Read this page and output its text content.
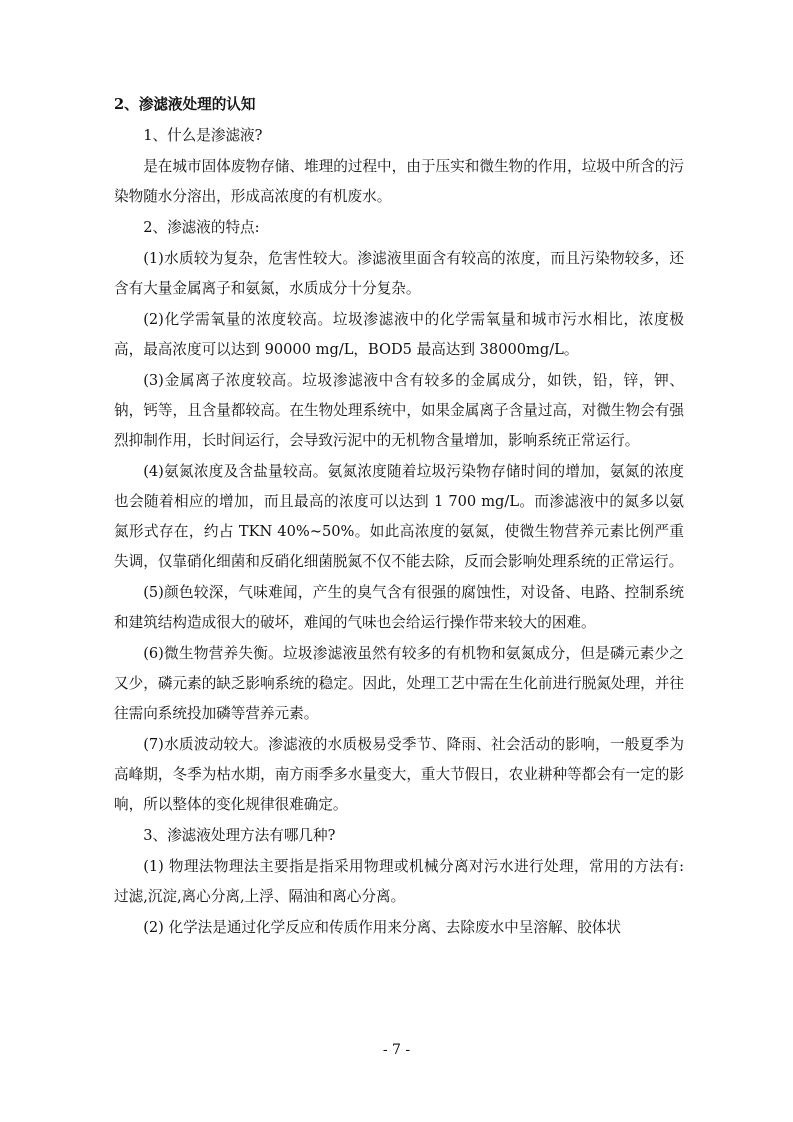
2、渗滤液处理的认知

1、什么是渗滤液?

是在城市固体废物存储、堆理的过程中，由于压实和微生物的作用，垃圾中所含的污染物随水分溶出，形成高浓度的有机废水。

2、渗滤液的特点:

(1)水质较为复杂，危害性较大。渗滤液里面含有较高的浓度，而且污染物较多，还含有大量金属离子和氨氮，水质成分十分复杂。

(2)化学需氧量的浓度较高。垃圾渗滤液中的化学需氧量和城市污水相比，浓度极高，最高浓度可以达到 90000 mg/L，BOD5 最高达到 38000mg/L。

(3)金属离子浓度较高。垃圾渗滤液中含有较多的金属成分，如铁，铅，锌，钾、钠，钙等，且含量都较高。在生物处理系统中，如果金属离子含量过高，对微生物会有强烈抑制作用，长时间运行，会导致污泥中的无机物含量增加，影响系统正常运行。

(4)氨氮浓度及含盐量较高。氨氮浓度随着垃圾污染物存储时间的增加，氨氮的浓度也会随着相应的增加，而且最高的浓度可以达到 1 700 mg/L。而渗滤液中的氮多以氨氮形式存在，约占 TKN 40%~50%。如此高浓度的氨氮，使微生物营养元素比例严重失调，仅靠硝化细菌和反硝化细菌脱氮不仅不能去除，反而会影响处理系统的正常运行。

(5)颜色较深，气味难闻，产生的臭气含有很强的腐蚀性，对设备、电路、控制系统和建筑结构造成很大的破坏，难闻的气味也会给运行操作带来较大的困难。

(6)微生物营养失衡。垃圾渗滤液虽然有较多的有机物和氨氮成分，但是磷元素少之又少，磷元素的缺乏影响系统的稳定。因此，处理工艺中需在生化前进行脱氮处理，并往往需向系统投加磷等营养元素。

(7)水质波动较大。渗滤液的水质极易受季节、降雨、社会活动的影响，一般夏季为高峰期，冬季为枯水期，南方雨季多水量变大，重大节假日，农业耕种等都会有一定的影响，所以整体的变化规律很难确定。

3、渗滤液处理方法有哪几种?

(1) 物理法物理法主要指是指采用物理或机械分离对污水进行处理，常用的方法有: 过滤,沉淀,离心分离,上浮、隔油和离心分离。

(2) 化学法是通过化学反应和传质作用来分离、去除废水中呈溶解、胶体状

- 7 -
